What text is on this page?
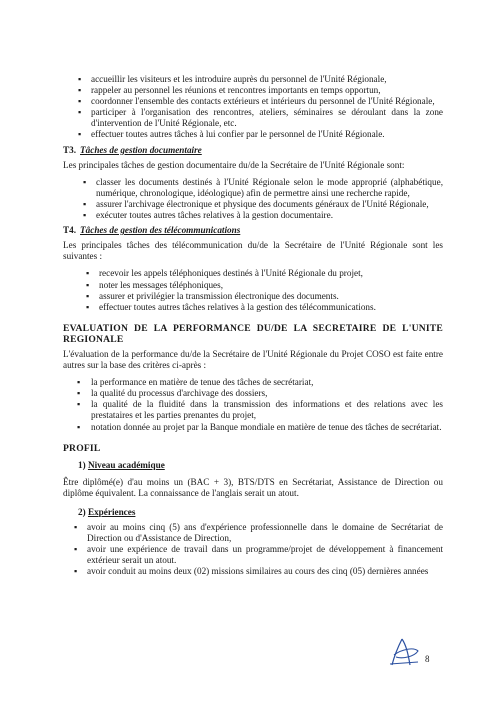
▪ accueillir les visiteurs et les introduire auprès du personnel de l'Unité Régionale,
▪ rappeler au personnel les réunions et rencontres importants en temps opportun,
▪ coordonner l'ensemble des contacts extérieurs et intérieurs du personnel de l'Unité Régionale,
▪ participer à l'organisation des rencontres, ateliers, séminaires se déroulant dans la zone d'intervention de l'Unité Régionale, etc.
▪ effectuer toutes autres tâches à lui confier par le personnel de l'Unité Régionale.
T3. Tâches de gestion documentaire

Les principales tâches de gestion documentaire du/de la Secrétaire de l'Unité Régionale sont:

▪ classer les documents destinés à l'Unité Régionale selon le mode approprié (alphabétique, numérique, chronologique, idéologique) afin de permettre ainsi une recherche rapide,
▪ assurer l'archivage électronique et physique des documents généraux de l'Unité Régionale,
▪ exécuter toutes autres tâches relatives à la gestion documentaire.
T4. Tâches de gestion des télécommunications

Les principales tâches des télécommunication du/de la Secrétaire de l'Unité Régionale sont les suivantes :

▪ recevoir les appels téléphoniques destinés à l'Unité Régionale du projet,
▪ noter les messages téléphoniques,
▪ assurer et privilégier la transmission électronique des documents.
▪ effectuer toutes autres tâches relatives à la gestion des télécommunications.
EVALUATION DE LA PERFORMANCE DU/DE LA SECRETAIRE DE L'UNITE REGIONALE

L'évaluation de la performance du/de la Secrétaire de l'Unité Régionale du Projet COSO est faite entre autres sur la base des critères ci-après :

▪ la performance en matière de tenue des tâches de secrétariat,
▪ la qualité du processus d'archivage des dossiers,
▪ la qualité de la fluidité dans la transmission des informations et des relations avec les prestataires et les parties prenantes du projet,
▪ notation donnée au projet par la Banque mondiale en matière de tenue des tâches de secrétariat.
PROFIL
1) Niveau académique

Être diplômé(e) d'au moins un (BAC + 3), BTS/DTS en Secrétariat, Assistance de Direction ou diplôme équivalent. La connaissance de l'anglais serait un atout.

2) Expériences
▪ avoir au moins cinq (5) ans d'expérience professionnelle dans le domaine de Secrétariat de Direction ou d'Assistance de Direction,
▪ avoir une expérience de travail dans un programme/projet de développement à financement extérieur serait un atout.
▪ avoir conduit au moins deux (02) missions similaires au cours des cinq (05) dernières années
8
